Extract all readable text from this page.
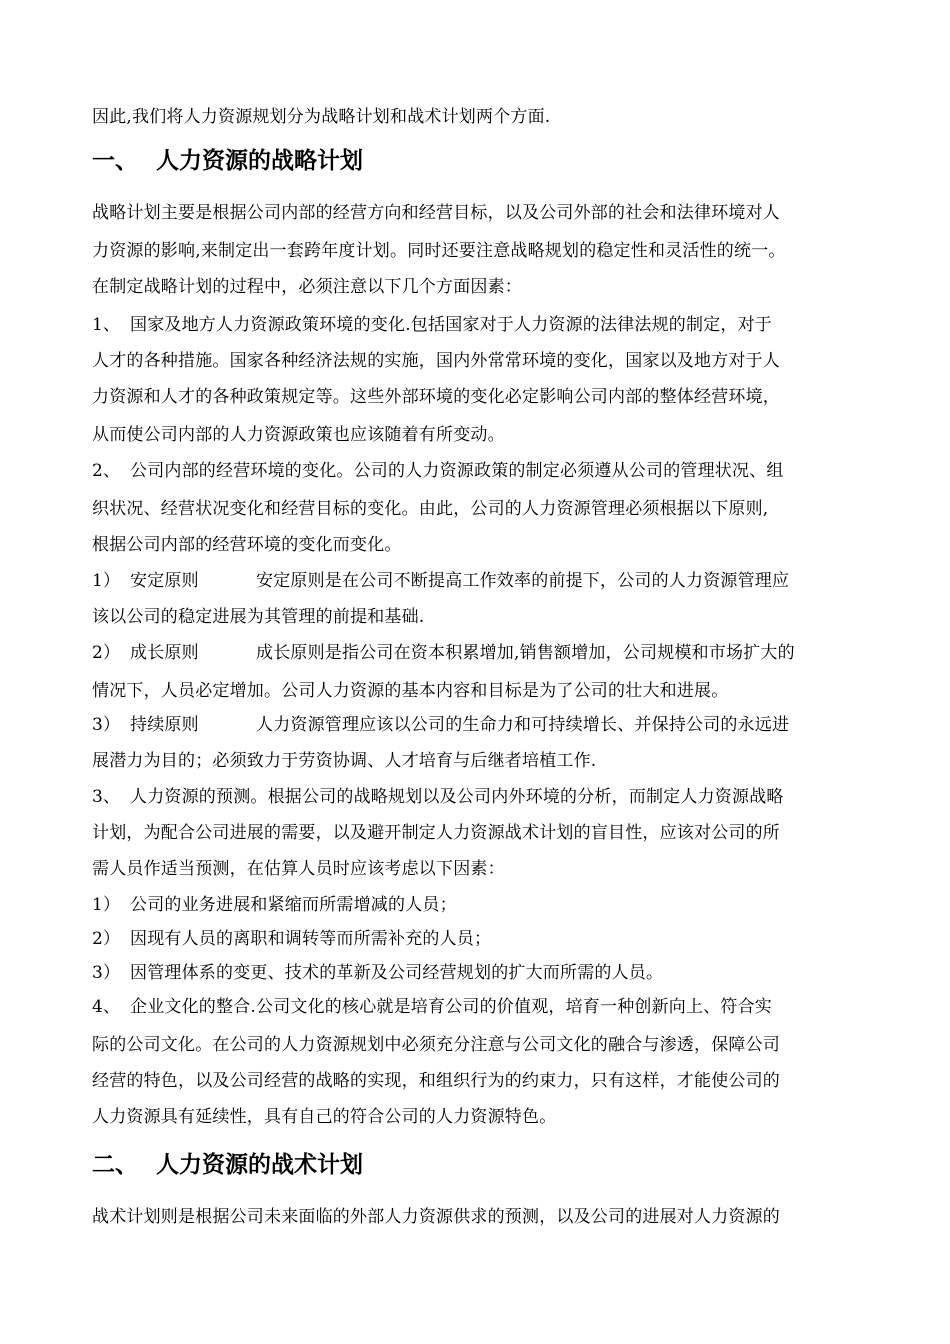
因此,我们将人力资源规划分为战略计划和战术计划两个方面.
一、 人力资源的战略计划
战略计划主要是根据公司内部的经营方向和经营目标，以及公司外部的社会和法律环境对人
力资源的影响,来制定出一套跨年度计划。同时还要注意战略规划的稳定性和灵活性的统一。
在制定战略计划的过程中，必须注意以下几个方面因素：
1、 国家及地方人力资源政策环境的变化.包括国家对于人力资源的法律法规的制定，对于
人才的各种措施。国家各种经济法规的实施，国内外常常环境的变化，国家以及地方对于人
力资源和人才的各种政策规定等。这些外部环境的变化必定影响公司内部的整体经营环境，
从而使公司内部的人力资源政策也应该随着有所变动。
2、 公司内部的经营环境的变化。公司的人力资源政策的制定必须遵从公司的管理状况、组
织状况、经营状况变化和经营目标的变化。由此，公司的人力资源管理必须根据以下原则,
根据公司内部的经营环境的变化而变化。
1） 安定原则	安定原则是在公司不断提高工作效率的前提下，公司的人力资源管理应
该以公司的稳定进展为其管理的前提和基础.
2） 成长原则	成长原则是指公司在资本积累增加,销售额增加，公司规模和市场扩大的
情况下，人员必定增加。公司人力资源的基本内容和目标是为了公司的壮大和进展。
3） 持续原则	人力资源管理应该以公司的生命力和可持续增长、并保持公司的永远进
展潜力为目的；必须致力于劳资协调、人才培育与后继者培植工作.
3、 人力资源的预测。根据公司的战略规划以及公司内外环境的分析，而制定人力资源战略
计划，为配合公司进展的需要，以及避开制定人力资源战术计划的盲目性，应该对公司的所
需人员作适当预测，在估算人员时应该考虑以下因素：
1） 公司的业务进展和紧缩而所需增减的人员；
2） 因现有人员的离职和调转等而所需补充的人员；
3） 因管理体系的变更、技术的革新及公司经营规划的扩大而所需的人员。
4、 企业文化的整合.公司文化的核心就是培育公司的价值观，培育一种创新向上、符合实
际的公司文化。在公司的人力资源规划中必须充分注意与公司文化的融合与渗透，保障公司
经营的特色，以及公司经营的战略的实现，和组织行为的约束力，只有这样，才能使公司的
人力资源具有延续性，具有自己的符合公司的人力资源特色。
二、 人力资源的战术计划
战术计划则是根据公司未来面临的外部人力资源供求的预测，以及公司的进展对人力资源的
